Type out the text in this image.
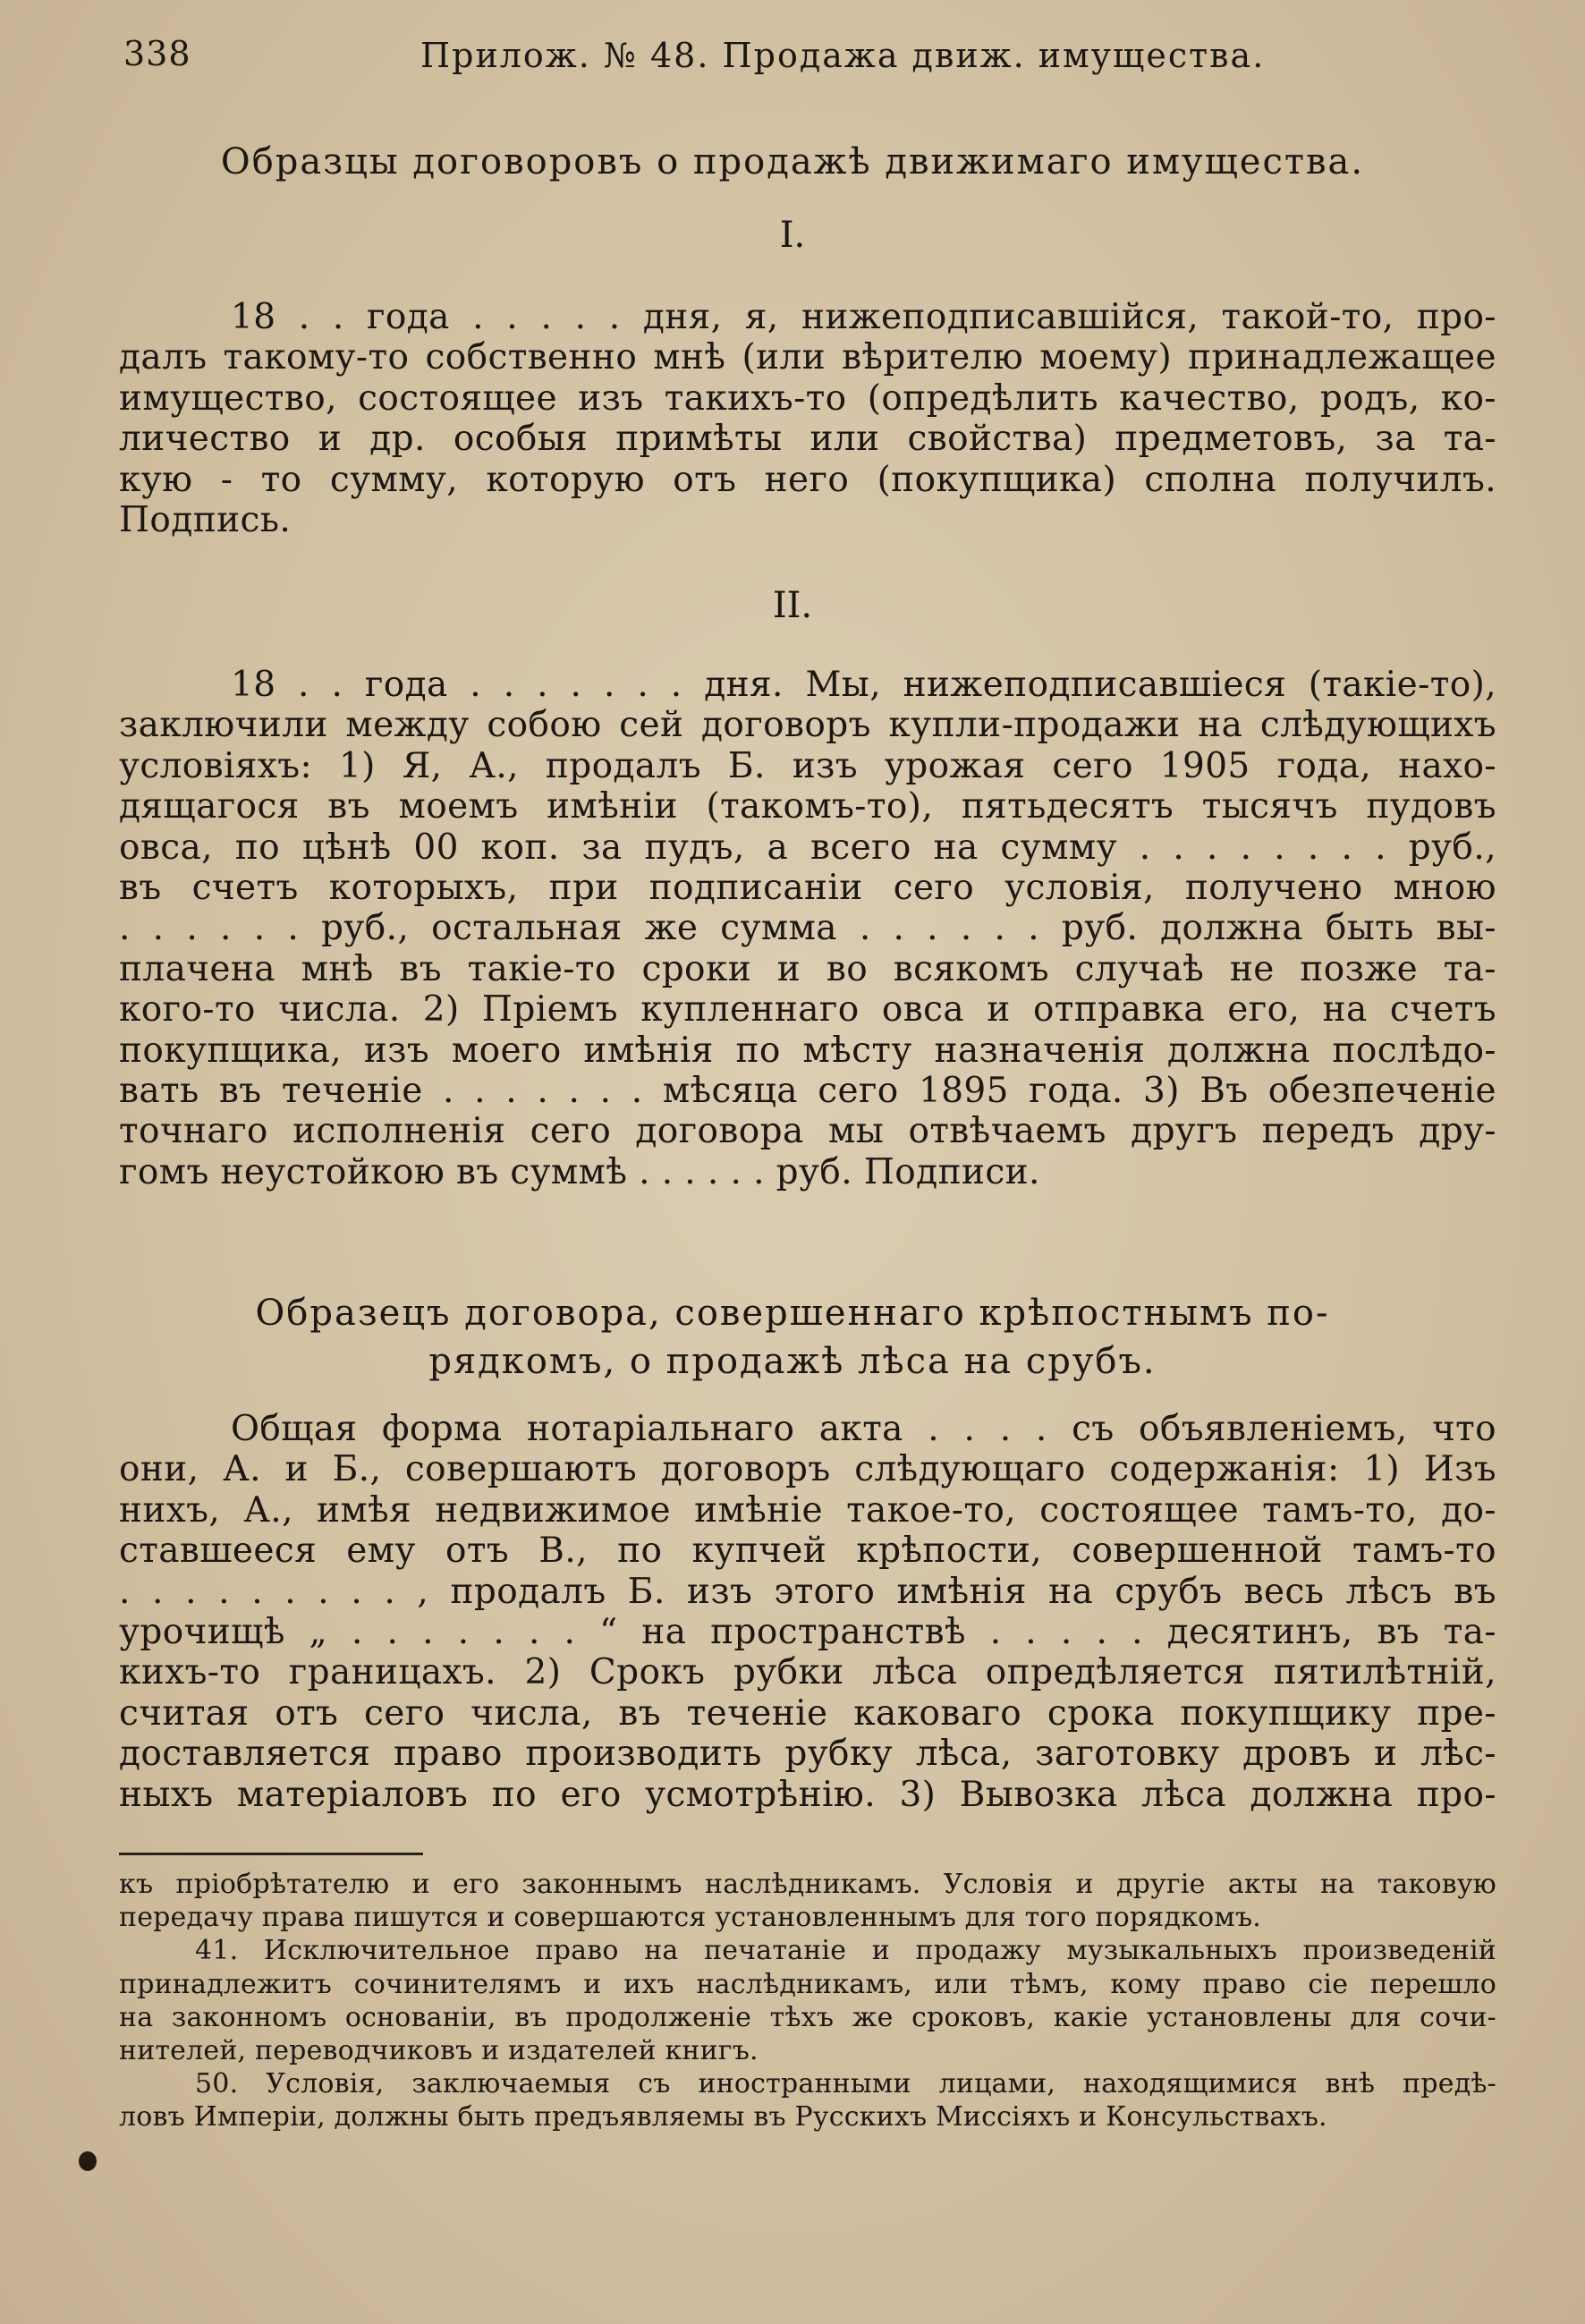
338	Прилож. № 48. Продажа движ. имущества.
Образцы договоровъ о продажѣ движимаго имущества.
I.
18 . . года . . . . . дня, я, нижеподписавшійся, такой-то, про-
далъ такому-то собственно мнѣ (или вѣрителю моему) принадлежащее
имущество, состоящее изъ такихъ-то (опредѣлить качество, родъ, ко-
личество и др. особыя примѣты или свойства) предметовъ, за та-
кую - то сумму, которую отъ него (покупщика) сполна получилъ.
Подпись.
II.
18 . . года . . . . . . . дня. Мы, нижеподписавшіеся (такіе-то),
заключили между собою сей договоръ купли-продажи на слѣдующихъ
условіяхъ: 1) Я, А., продалъ Б. изъ урожая сего 1905 года, нахо-
дящагося въ моемъ имѣніи (такомъ-то), пятьдесятъ тысячъ пудовъ
овса, по цѣнѣ 00 коп. за пудъ, а всего на сумму . . . . . . . . руб.,
въ счетъ которыхъ, при подписаніи сего условія, получено мною
. . . . . . руб., остальная же сумма . . . . . . руб. должна быть вы-
плачена мнѣ въ такіе-то сроки и во всякомъ случаѣ не позже та-
кого-то числа. 2) Пріемъ купленнаго овса и отправка его, на счетъ
покупщика, изъ моего имѣнія по мѣсту назначенія должна послѣдо-
вать въ теченіе . . . . . . . мѣсяца сего 1895 года. 3) Въ обезпеченіе
точнаго исполненія сего договора мы отвѣчаемъ другъ передъ дру-
гомъ неустойкою въ суммѣ . . . . . . руб. Подписи.
Образецъ договора, совершеннаго крѣпостнымъ по-
рядкомъ, о продажѣ лѣса на срубъ.
Общая форма нотаріальнаго акта . . . . съ объявленіемъ, что
они, А. и Б., совершаютъ договоръ слѣдующаго содержанія: 1) Изъ
нихъ, А., имѣя недвижимое имѣніе такое-то, состоящее тамъ-то, до-
ставшееся ему отъ В., по купчей крѣпости, совершенной тамъ-то
. . . . . . . . . , продалъ Б. изъ этого имѣнія на срубъ весь лѣсъ въ
урочищѣ „ . . . . . . . “ на пространствѣ . . . . . десятинъ, въ та-
кихъ-то границахъ. 2) Срокъ рубки лѣса опредѣляется пятилѣтній,
считая отъ сего числа, въ теченіе каковаго срока покупщику пре-
доставляется право производить рубку лѣса, заготовку дровъ и лѣс-
ныхъ матеріаловъ по его усмотрѣнію. 3) Вывозка лѣса должна про-
къ пріобрѣтателю и его законнымъ наслѣдникамъ. Условія и другіе акты на таковую
передачу права пишутся и совершаются установленнымъ для того порядкомъ.
41. Исключительное право на печатаніе и продажу музыкальныхъ произведеній
принадлежитъ сочинителямъ и ихъ наслѣдникамъ, или тѣмъ, кому право сіе перешло
на законномъ основаніи, въ продолженіе тѣхъ же сроковъ, какіе установлены для сочи-
нителей, переводчиковъ и издателей книгъ.
50. Условія, заключаемыя съ иностранными лицами, находящимися внѣ предѣ-
ловъ Имперіи, должны быть предъявляемы въ Русскихъ Миссіяхъ и Консульствахъ.
